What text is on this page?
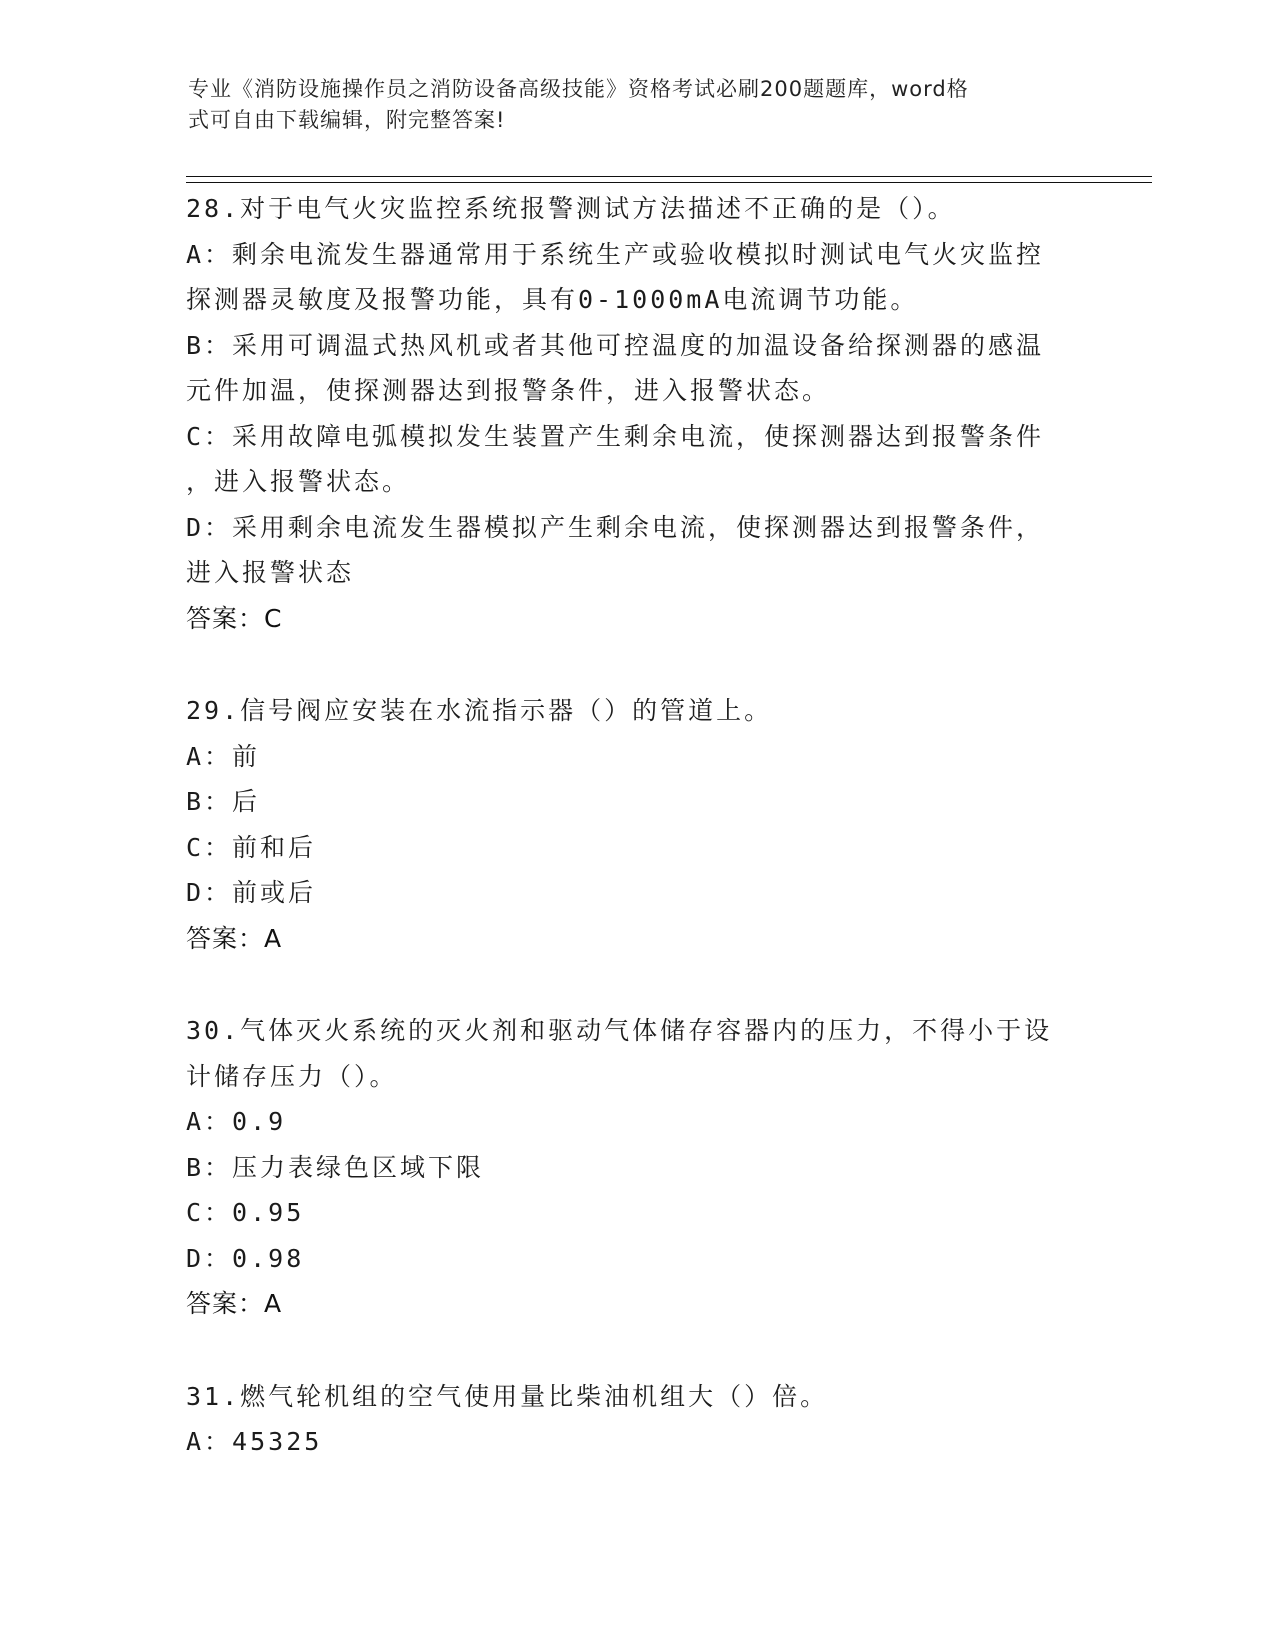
专业《消防设施操作员之消防设备高级技能》资格考试必刷200题题库，word格
式可自由下载编辑，附完整答案!
28.对于电气火灾监控系统报警测试方法描述不正确的是（）。
A：剩余电流发生器通常用于系统生产或验收模拟时测试电气火灾监控
探测器灵敏度及报警功能，具有0-1000mA电流调节功能。
B：采用可调温式热风机或者其他可控温度的加温设备给探测器的感温
元件加温，使探测器达到报警条件，进入报警状态。
C：采用故障电弧模拟发生装置产生剩余电流，使探测器达到报警条件
，进入报警状态。
D：采用剩余电流发生器模拟产生剩余电流，使探测器达到报警条件，
进入报警状态
答案：C
29.信号阀应安装在水流指示器（）的管道上。
A：前
B：后
C：前和后
D：前或后
答案：A
30.气体灭火系统的灭火剂和驱动气体储存容器内的压力，不得小于设
计储存压力（）。
A：0.9
B：压力表绿色区域下限
C：0.95
D：0.98
答案：A
31.燃气轮机组的空气使用量比柴油机组大（）倍。
A：45325
